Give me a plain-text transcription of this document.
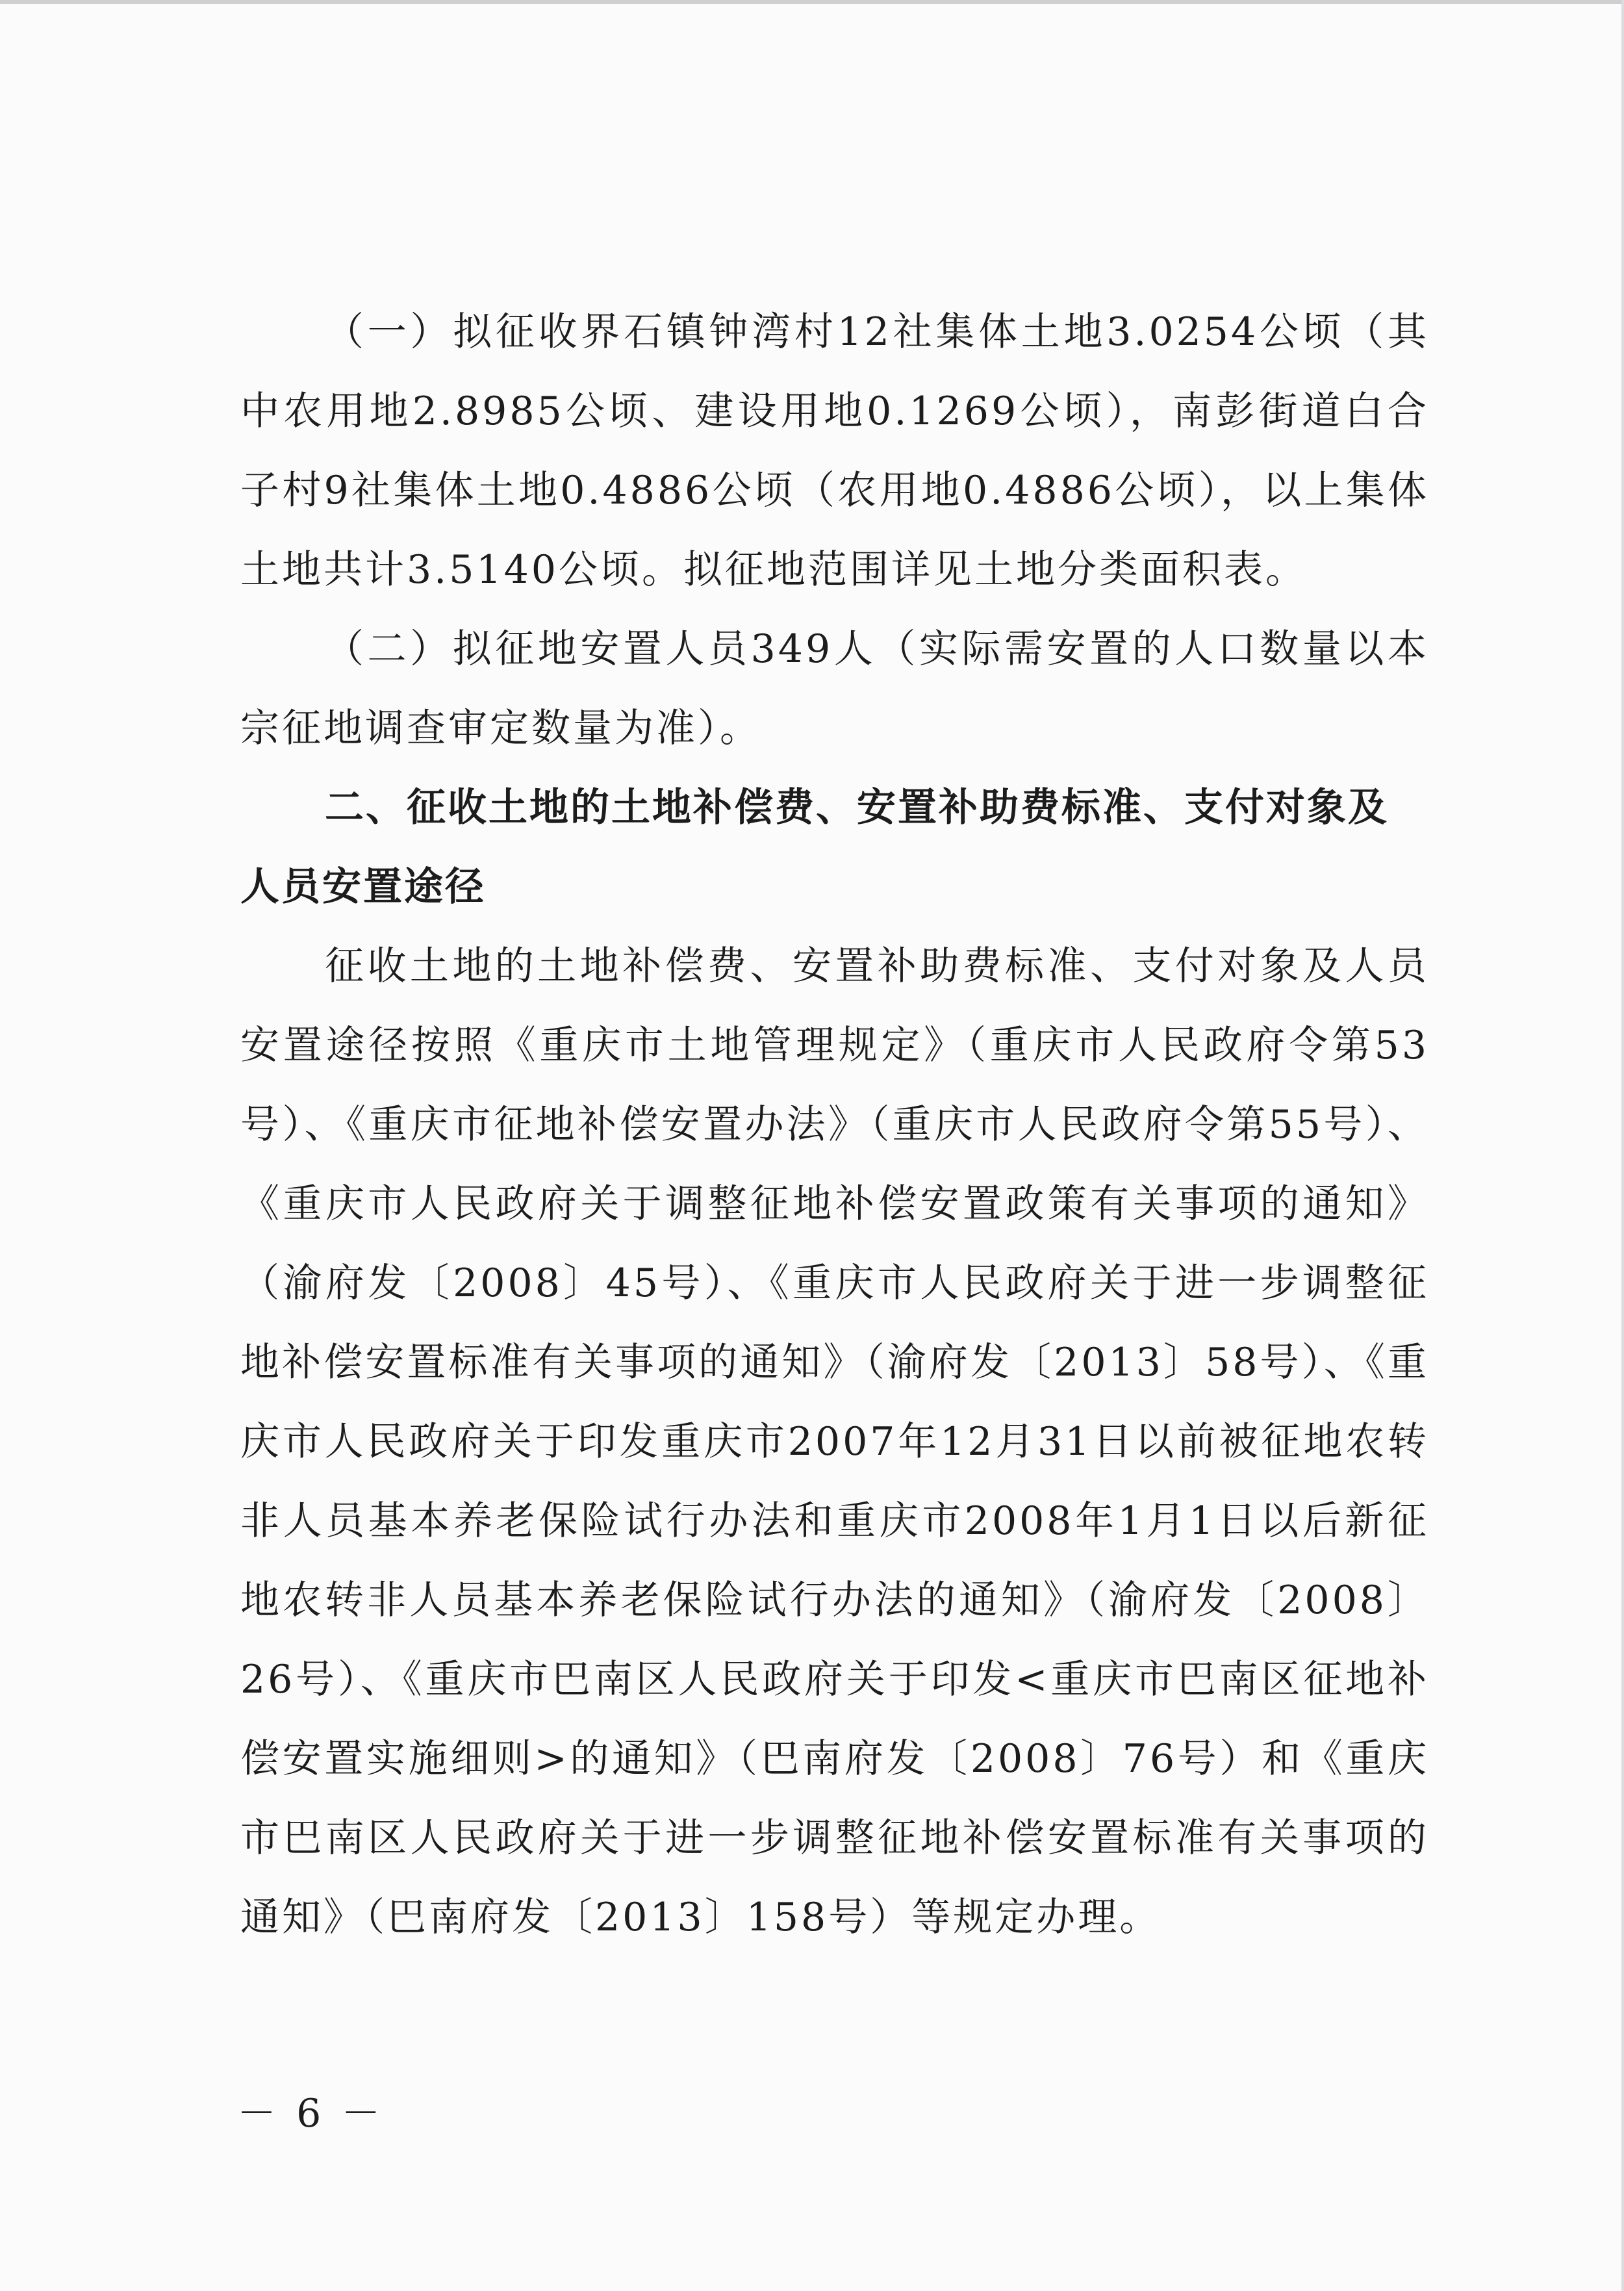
（一）拟征收界石镇钟湾村12社集体土地3.0254公顷（其中农用地2.8985公顷、建设用地0.1269公顷），南彭街道白合子村9社集体土地0.4886公顷（农用地0.4886公顷），以上集体土地共计3.5140公顷。拟征地范围详见土地分类面积表。

（二）拟征地安置人员349人（实际需安置的人口数量以本宗征地调查审定数量为准）。

二、征收土地的土地补偿费、安置补助费标准、支付对象及人员安置途径

征收土地的土地补偿费、安置补助费标准、支付对象及人员安置途径按照《重庆市土地管理规定》（重庆市人民政府令第53号）、《重庆市征地补偿安置办法》（重庆市人民政府令第55号）、《重庆市人民政府关于调整征地补偿安置政策有关事项的通知》（渝府发〔2008〕45号）、《重庆市人民政府关于进一步调整征地补偿安置标准有关事项的通知》（渝府发〔2013〕58号）、《重庆市人民政府关于印发重庆市2007年12月31日以前被征地农转非人员基本养老保险试行办法和重庆市2008年1月1日以后新征地农转非人员基本养老保险试行办法的通知》（渝府发〔2008〕26号）、《重庆市巴南区人民政府关于印发<重庆市巴南区征地补偿安置实施细则>的通知》（巴南府发〔2008〕76号）和《重庆市巴南区人民政府关于进一步调整征地补偿安置标准有关事项的通知》（巴南府发〔2013〕158号）等规定办理。

－ 6 －
